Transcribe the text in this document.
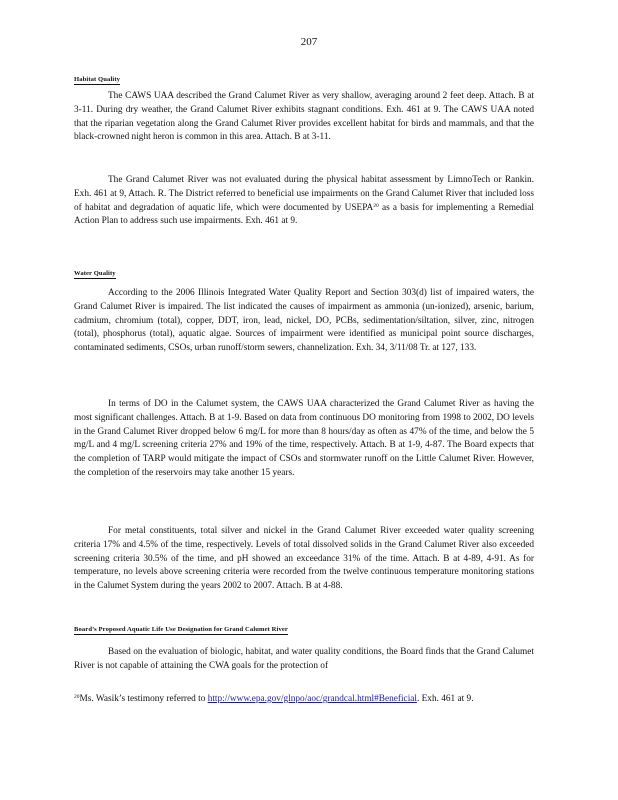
207
Habitat Quality

The CAWS UAA described the Grand Calumet River as very shallow, averaging around 2 feet deep. Attach. B at 3-11. During dry weather, the Grand Calumet River exhibits stagnant conditions. Exh. 461 at 9. The CAWS UAA noted that the riparian vegetation along the Grand Calumet River provides excellent habitat for birds and mammals, and that the black-crowned night heron is common in this area. Attach. B at 3-11.

The Grand Calumet River was not evaluated during the physical habitat assessment by LimnoTech or Rankin. Exh. 461 at 9, Attach. R. The District referred to beneficial use impairments on the Grand Calumet River that included loss of habitat and degradation of aquatic life, which were documented by USEPA$^{20}$ as a basis for implementing a Remedial Action Plan to address such use impairments. Exh. 461 at 9.

Water Quality

According to the 2006 Illinois Integrated Water Quality Report and Section 303(d) list of impaired waters, the Grand Calumet River is impaired. The list indicated the causes of impairment as ammonia (un-ionized), arsenic, barium, cadmium, chromium (total), copper, DDT, iron, lead, nickel, DO, PCBs, sedimentation/siltation, silver, zinc, nitrogen (total), phosphorus (total), aquatic algae. Sources of impairment were identified as municipal point source discharges, contaminated sediments, CSOs, urban runoff/storm sewers, channelization. Exh. 34, 3/11/08 Tr. at 127, 133.

In terms of DO in the Calumet system, the CAWS UAA characterized the Grand Calumet River as having the most significant challenges. Attach. B at 1-9. Based on data from continuous DO monitoring from 1998 to 2002, DO levels in the Grand Calumet River dropped below 6 mg/L for more than 8 hours/day as often as 47% of the time, and below the 5 mg/L and 4 mg/L screening criteria 27% and 19% of the time, respectively. Attach. B at 1-9, 4-87. The Board expects that the completion of TARP would mitigate the impact of CSOs and stormwater runoff on the Little Calumet River. However, the completion of the reservoirs may take another 15 years.

For metal constituents, total silver and nickel in the Grand Calumet River exceeded water quality screening criteria 17% and 4.5% of the time, respectively. Levels of total dissolved solids in the Grand Calumet River also exceeded screening criteria 30.5% of the time, and pH showed an exceedance 31% of the time. Attach. B at 4-89, 4-91. As for temperature, no levels above screening criteria were recorded from the twelve continuous temperature monitoring stations in the Calumet System during the years 2002 to 2007. Attach. B at 4-88.

Board’s Proposed Aquatic Life Use Designation for Grand Calumet River

Based on the evaluation of biologic, habitat, and water quality conditions, the Board finds that the Grand Calumet River is not capable of attaining the CWA goals for the protection of

$^{20}$Ms. Wasik’s testimony referred to http://www.epa.gov/glnpo/aoc/grandcal.html#Beneficial. Exh. 461 at 9.
